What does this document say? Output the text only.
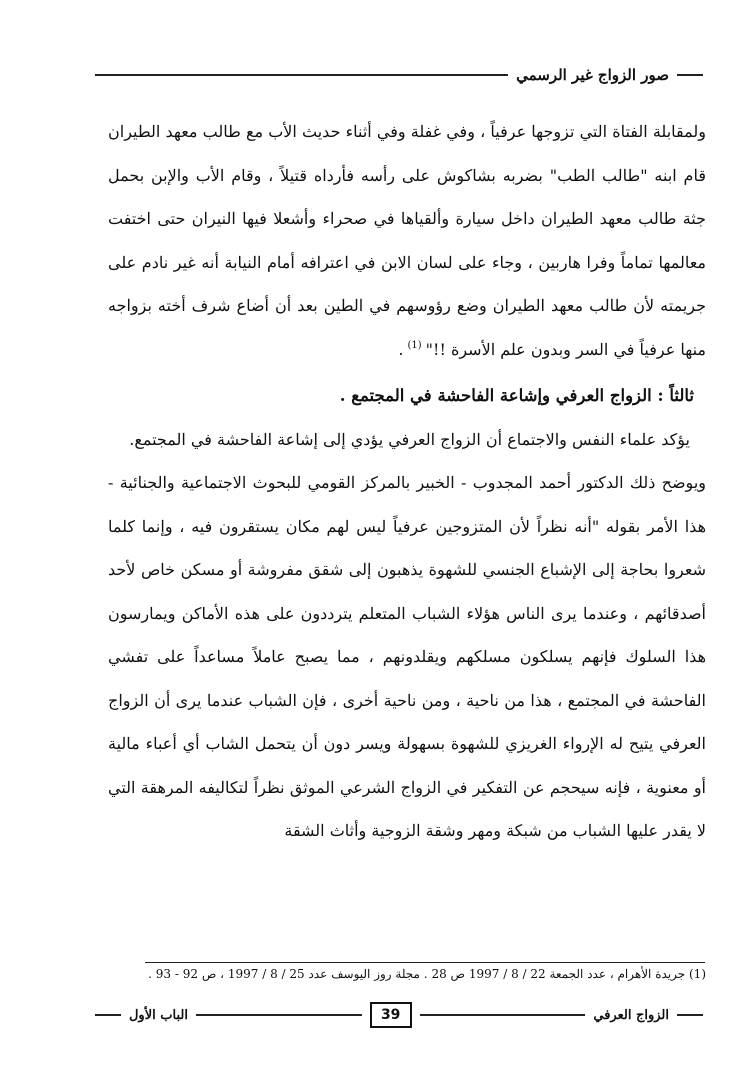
صور الزواج غير الرسمي

ولمقابلة الفتاة التي تزوجها عرفياً ، وفي غفلة وفي أثناء حديث الأب مع طالب معهد الطيران قام ابنه "طالب الطب" بضربه بشاكوش على رأسه فأرداه قتيلاً ، وقام الأب والإبن بحمل جثة طالب معهد الطيران داخل سيارة وألقياها في صحراء وأشعلا فيها النيران حتى اختفت معالمها تماماً وفرا هاربين ، وجاء على لسان الابن في اعترافه أمام النيابة أنه غير نادم على جريمته لأن طالب معهد الطيران وضع رؤوسهم في الطين بعد أن أضاع شرف أخته بزواجه منها عرفياً في السر وبدون علم الأسرة !!"$^{(1)}$.

ثالثاً : الزواج العرفي وإشاعة الفاحشة في المجتمع .

يؤكد علماء النفس والاجتماع أن الزواج العرفي يؤدي إلى إشاعة الفاحشة في المجتمع.

ويوضح ذلك الدكتور أحمد المجدوب - الخبير بالمركز القومي للبحوث الاجتماعية والجنائية - هذا الأمر بقوله "أنه نظراً لأن المتزوجين عرفياً ليس لهم مكان يستقرون فيه ، وإنما كلما شعروا بحاجة إلى الإشباع الجنسي للشهوة يذهبون إلى شقق مفروشة أو مسكن خاص لأحد أصدقائهم ، وعندما يرى الناس هؤلاء الشباب المتعلم يترددون على هذه الأماكن ويمارسون هذا السلوك فإنهم يسلكون مسلكهم ويقلدونهم ، مما يصبح عاملاً مساعداً على تفشي الفاحشة في المجتمع ، هذا من ناحية ، ومن ناحية أخرى ، فإن الشباب عندما يرى أن الزواج العرفي يتيح له الإرواء الغريزي للشهوة بسهولة ويسر دون أن يتحمل الشاب أي أعباء مالية أو معنوية ، فإنه سيحجم عن التفكير في الزواج الشرعي الموثق نظراً لتكاليفه المرهقة التي لا يقدر عليها الشباب من شبكة ومهر وشقة الزوجية وأثاث الشقة

(1) جريدة الأهرام ، عدد الجمعة 22 / 8 / 1997 ص 28 . مجلة روز اليوسف عدد 25 / 8 / 1997 ، ص 92 - 93 .
الزواج العرفي
39
الباب الأول
